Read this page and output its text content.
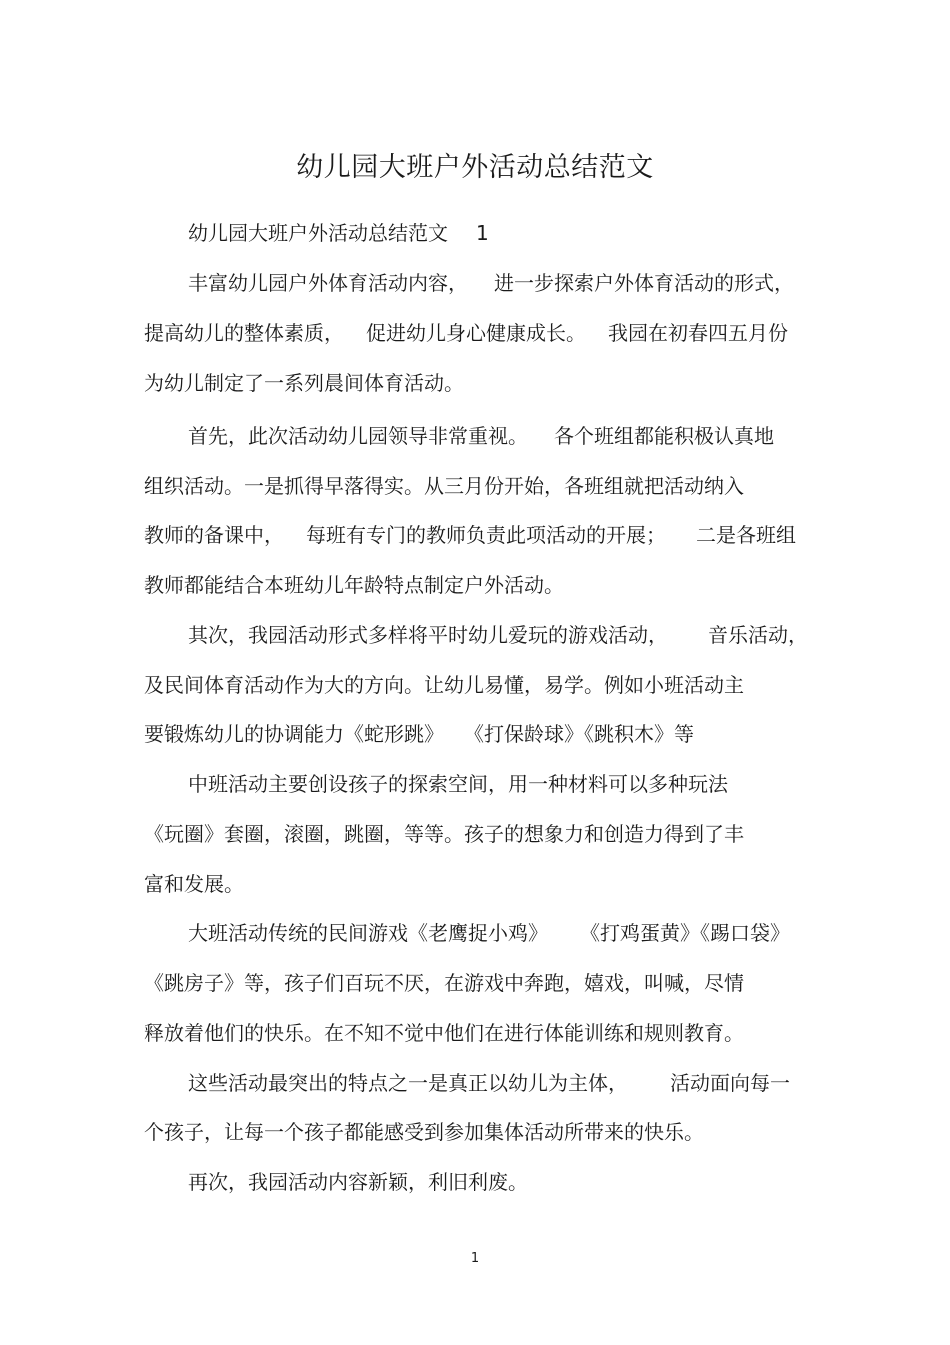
幼儿园大班户外活动总结范文
幼儿园大班户外活动总结范文 1
丰富幼儿园户外体育活动内容， 进一步探索户外体育活动的形式，
提高幼儿的整体素质， 促进幼儿身心健康成长。 我园在初春四五月份
为幼儿制定了一系列晨间体育活动。
首先，此次活动幼儿园领导非常重视。 各个班组都能积极认真地
组织活动。一是抓得早落得实。从三月份开始，各班组就把活动纳入
教师的备课中， 每班有专门的教师负责此项活动的开展； 二是各班组
教师都能结合本班幼儿年龄特点制定户外活动。
其次，我园活动形式多样将平时幼儿爱玩的游戏活动， 音乐活动，
及民间体育活动作为大的方向。让幼儿易懂，易学。例如小班活动主
要锻炼幼儿的协调能力《蛇形跳》 《打保龄球》《跳积木》等
中班活动主要创设孩子的探索空间，用一种材料可以多种玩法
《玩圈》套圈，滚圈，跳圈，等等。孩子的想象力和创造力得到了丰
富和发展。
大班活动传统的民间游戏《老鹰捉小鸡》 《打鸡蛋黄》《踢口袋》
《跳房子》等，孩子们百玩不厌，在游戏中奔跑，嬉戏，叫喊，尽情
释放着他们的快乐。在不知不觉中他们在进行体能训练和规则教育。
这些活动最突出的特点之一是真正以幼儿为主体， 活动面向每一
个孩子，让每一个孩子都能感受到参加集体活动所带来的快乐。
再次，我园活动内容新颖，利旧利废。
1
